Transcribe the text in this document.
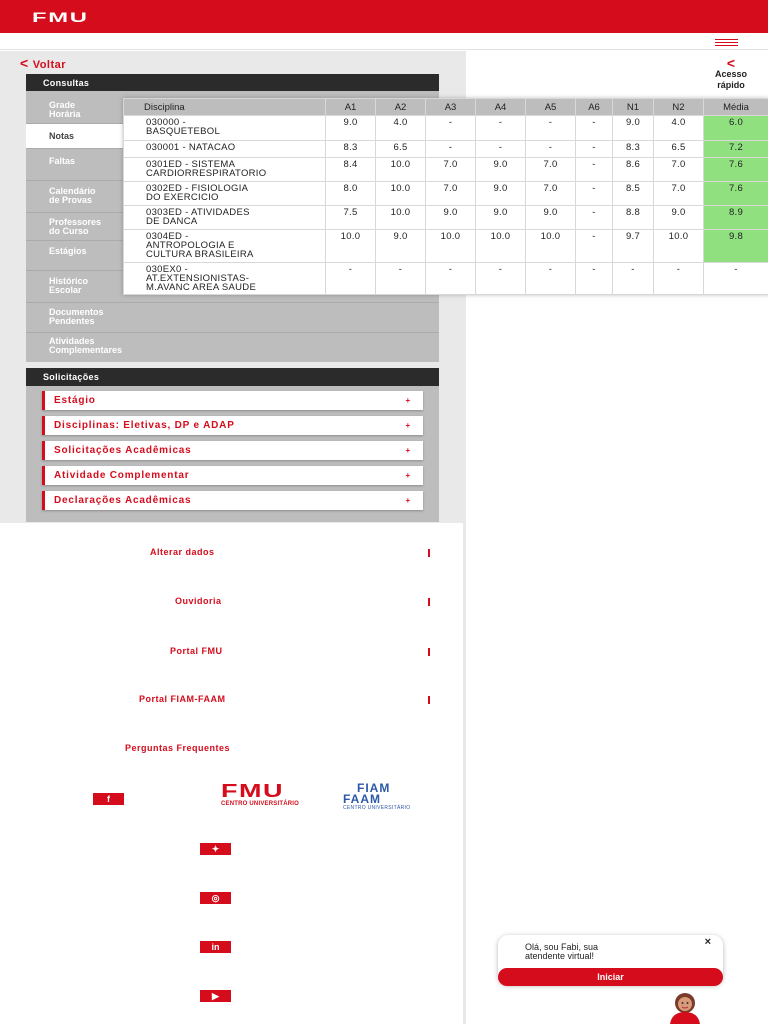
FMU
< Voltar	<
Acesso
rápido
Consultas
Grade
Horária
Notas
Faltas
Calendário
de Provas
Professores
do Curso
Estágios
Histórico
Escolar
Documentos
Pendentes
Atividades
Complementares
Disciplina	A1	A2	A3	A4	A5	A6	N1	N2	Média
030000 -
BASQUETEBOL	9.0	4.0	-	-	-	-	9.0	4.0	6.0
030001 - NATACAO	8.3	6.5	-	-	-	-	8.3	6.5	7.2
0301ED - SISTEMA
CARDIORRESPIRATORIO	8.4	10.0	7.0	9.0	7.0	-	8.6	7.0	7.6
0302ED - FISIOLOGIA
DO EXERCICIO	8.0	10.0	7.0	9.0	7.0	-	8.5	7.0	7.6
0303ED - ATIVIDADES
DE DANCA	7.5	10.0	9.0	9.0	9.0	-	8.8	9.0	8.9
0304ED -
ANTROPOLOGIA E
CULTURA BRASILEIRA	10.0	9.0	10.0	10.0	10.0	-	9.7	10.0	9.8
030EX0 -
AT.EXTENSIONISTAS-
M.AVANC AREA SAUDE	-	-	-	-	-	-	-	-	-
Solicitações
Estágio	+
Disciplinas: Eletivas, DP e ADAP	+
Solicitações Acadêmicas	+
Atividade Complementar	+
Declarações Acadêmicas	+
Alterar dados
Ouvidoria
Portal FMU
Portal FIAM-FAAM
Perguntas Frequentes
FMU
CENTRO UNIVERSITÁRIO
FIAM
FAAM
CENTRO UNIVERSITÁRIO
f
✦
◎
in
▶
Olá, sou Fabi, sua
atendente virtual!
×
Iniciar
